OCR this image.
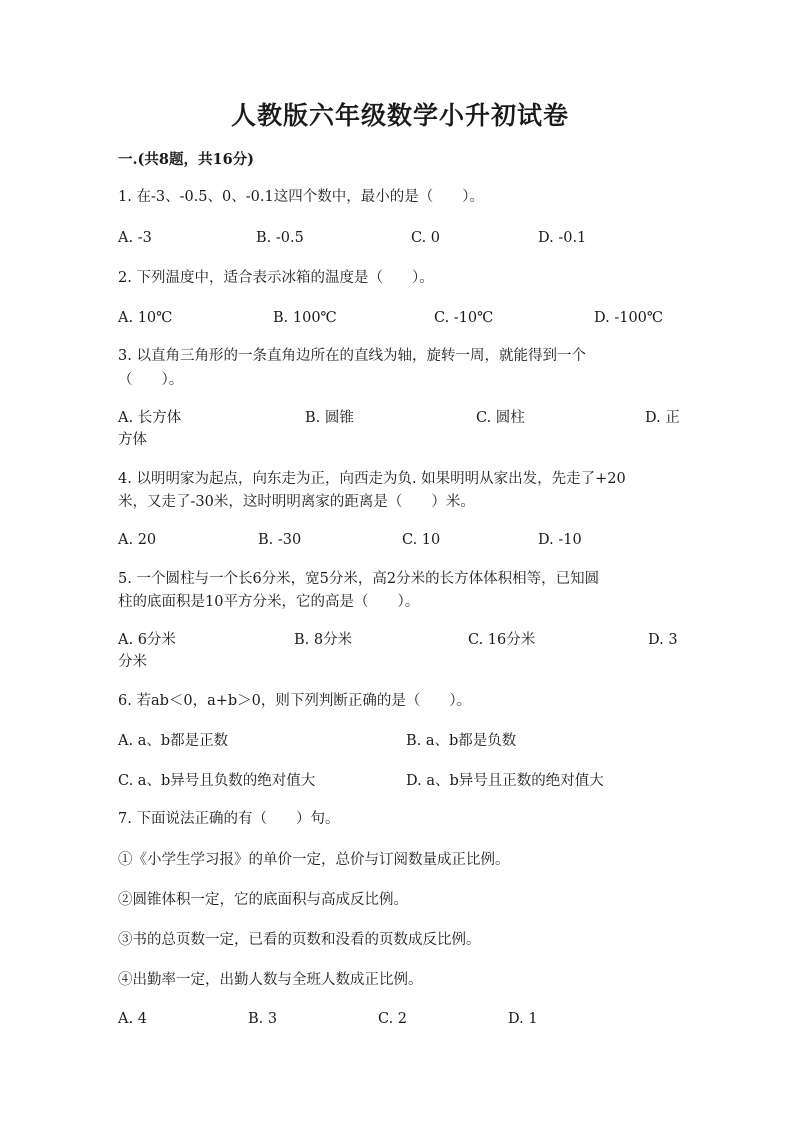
人教版六年级数学小升初试卷
一.(共8题，共16分)
1. 在-3、-0.5、0、-0.1这四个数中，最小的是（　　）。
A. -3	B. -0.5	C. 0	D. -0.1
2. 下列温度中，适合表示冰箱的温度是（　　）。
A. 10℃	B. 100℃	C. -10℃	D. -100℃
3. 以直角三角形的一条直角边所在的直线为轴，旋转一周，就能得到一个
（　　）。
A. 长方体	B. 圆锥	C. 圆柱	D. 正
方体
4. 以明明家为起点，向东走为正，向西走为负. 如果明明从家出发，先走了+20
米，又走了-30米，这时明明离家的距离是（　　）米。
A. 20	B. -30	C. 10	D. -10
5. 一个圆柱与一个长6分米，宽5分米，高2分米的长方体体积相等，已知圆
柱的底面积是10平方分米，它的高是（　　）。
A. 6分米	B. 8分米	C. 16分米	D. 3
分米
6. 若ab＜0，a+b＞0，则下列判断正确的是（　　）。
A. a、b都是正数	B. a、b都是负数
C. a、b异号且负数的绝对值大	D. a、b异号且正数的绝对值大
7. 下面说法正确的有（　　）句。
①《小学生学习报》的单价一定，总价与订阅数量成正比例。
②圆锥体积一定，它的底面积与高成反比例。
③书的总页数一定，已看的页数和没看的页数成反比例。
④出勤率一定，出勤人数与全班人数成正比例。
A. 4	B. 3	C. 2	D. 1
